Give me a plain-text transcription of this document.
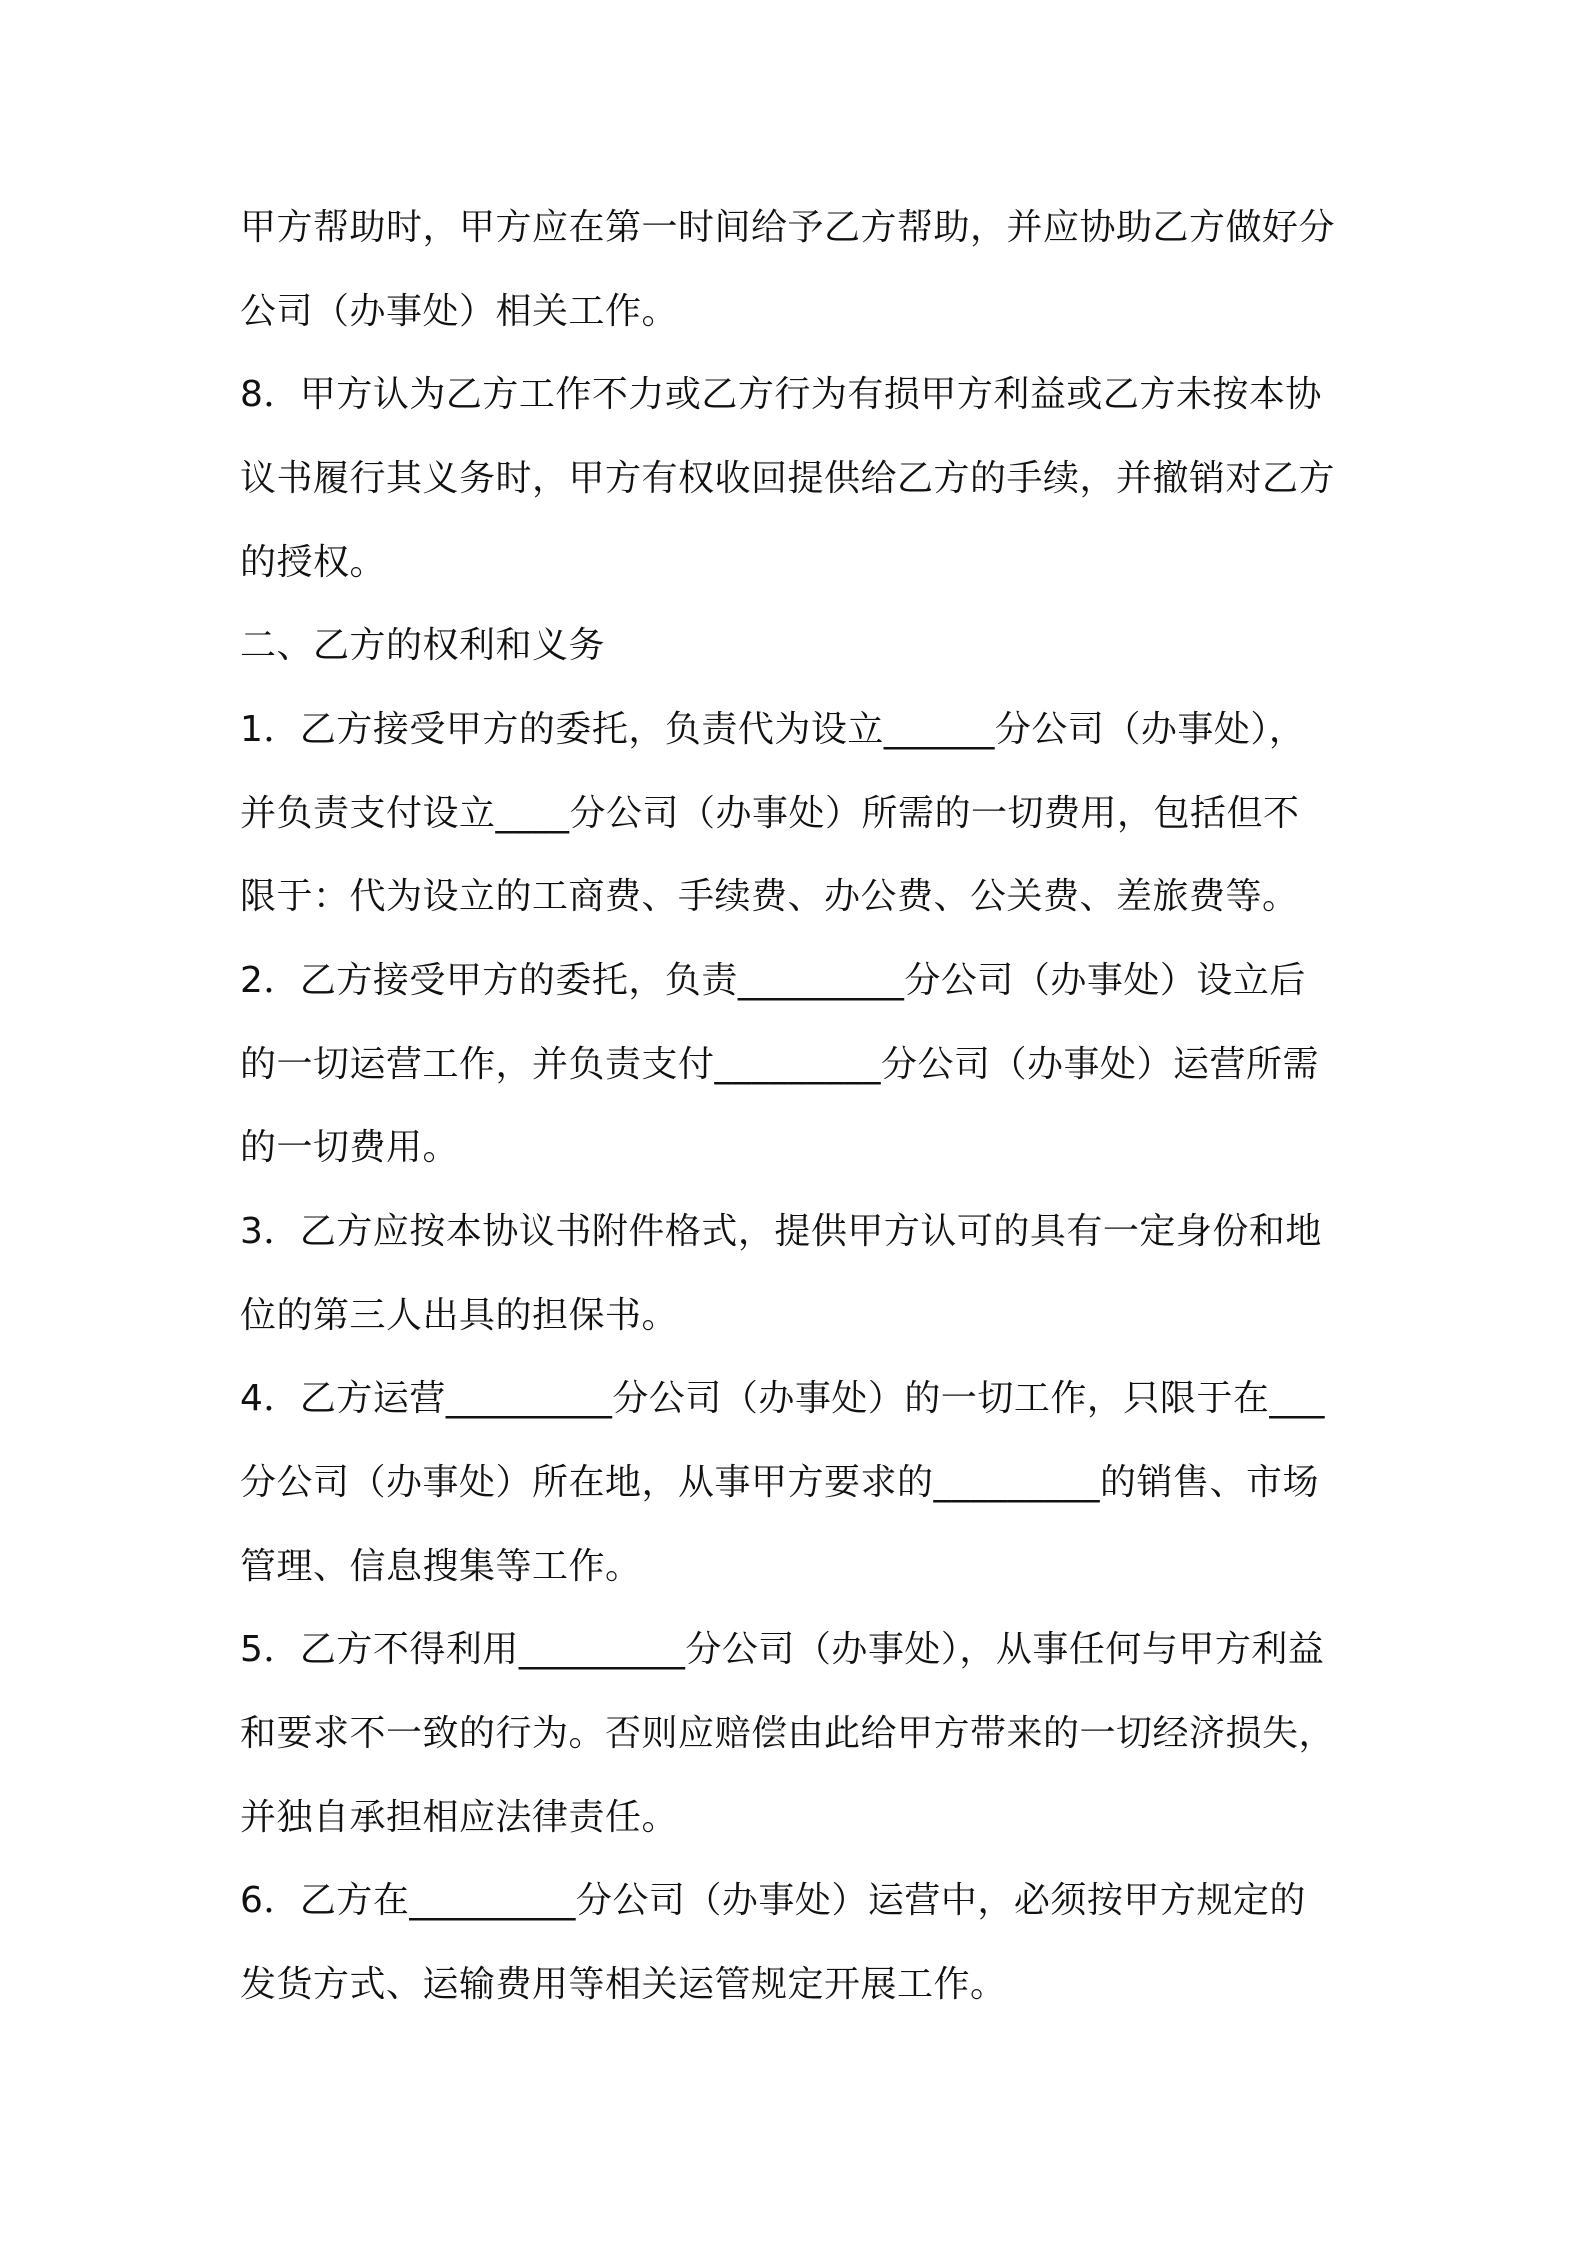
甲方帮助时，甲方应在第一时间给予乙方帮助，并应协助乙方做好分
公司（办事处）相关工作。
8．甲方认为乙方工作不力或乙方行为有损甲方利益或乙方未按本协
议书履行其义务时，甲方有权收回提供给乙方的手续，并撤销对乙方
的授权。
二、乙方的权利和义务
1．乙方接受甲方的委托，负责代为设立______分公司（办事处），
并负责支付设立____分公司（办事处）所需的一切费用，包括但不
限于：代为设立的工商费、手续费、办公费、公关费、差旅费等。
2．乙方接受甲方的委托，负责_________分公司（办事处）设立后
的一切运营工作，并负责支付_________分公司（办事处）运营所需
的一切费用。
3．乙方应按本协议书附件格式，提供甲方认可的具有一定身份和地
位的第三人出具的担保书。
4．乙方运营_________分公司（办事处）的一切工作，只限于在___
分公司（办事处）所在地，从事甲方要求的_________的销售、市场
管理、信息搜集等工作。
5．乙方不得利用_________分公司（办事处），从事任何与甲方利益
和要求不一致的行为。否则应赔偿由此给甲方带来的一切经济损失，
并独自承担相应法律责任。
6．乙方在_________分公司（办事处）运营中，必须按甲方规定的
发货方式、运输费用等相关运管规定开展工作。
